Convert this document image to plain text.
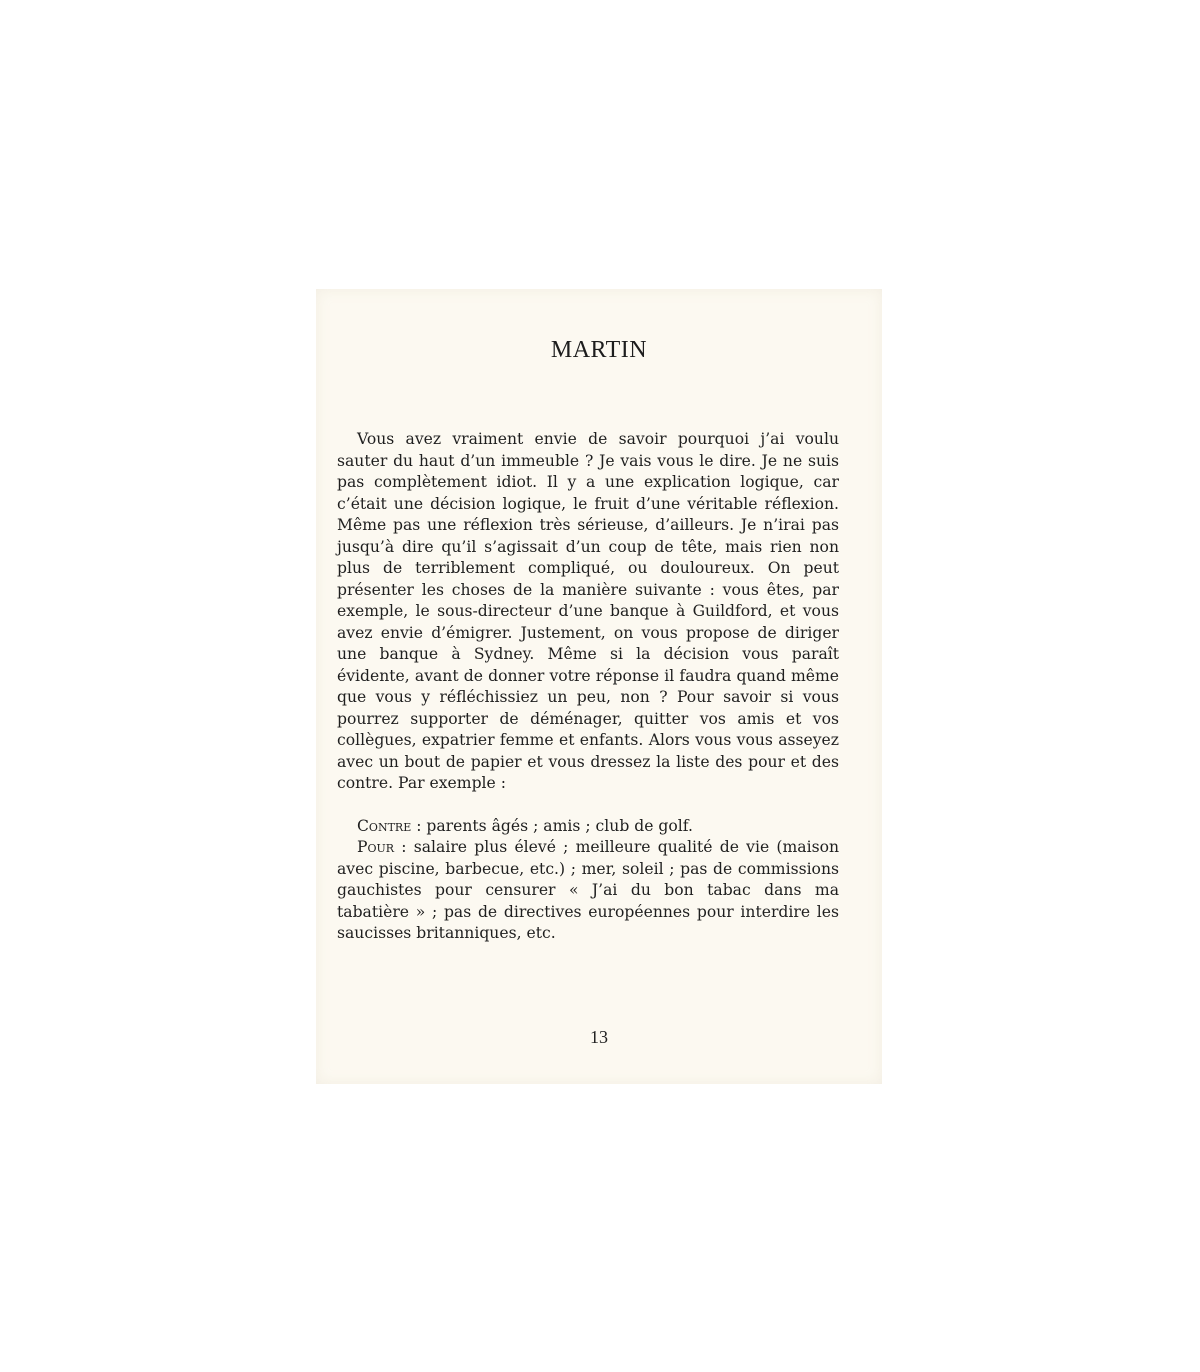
MARTIN

Vous avez vraiment envie de savoir pourquoi j’ai voulu sauter du haut d’un immeuble ? Je vais vous le dire. Je ne suis pas complètement idiot. Il y a une explication logique, car c’était une décision logique, le fruit d’une véritable réflexion. Même pas une réflexion très sérieuse, d’ailleurs. Je n’irai pas jusqu’à dire qu’il s’agissait d’un coup de tête, mais rien non plus de terriblement compliqué, ou douloureux. On peut présenter les choses de la manière suivante : vous êtes, par exemple, le sous-directeur d’une banque à Guildford, et vous avez envie d’émigrer. Justement, on vous propose de diriger une banque à Sydney. Même si la décision vous paraît évidente, avant de donner votre réponse il faudra quand même que vous y réfléchissiez un peu, non ? Pour savoir si vous pourrez supporter de déménager, quitter vos amis et vos collègues, expatrier femme et enfants. Alors vous vous asseyez avec un bout de papier et vous dressez la liste des pour et des contre. Par exemple :

Contre : parents âgés ; amis ; club de golf.

Pour : salaire plus élevé ; meilleure qualité de vie (maison avec piscine, barbecue, etc.) ; mer, soleil ; pas de commissions gauchistes pour censurer « J’ai du bon tabac dans ma tabatière » ; pas de directives européennes pour interdire les saucisses britanniques, etc.

13
